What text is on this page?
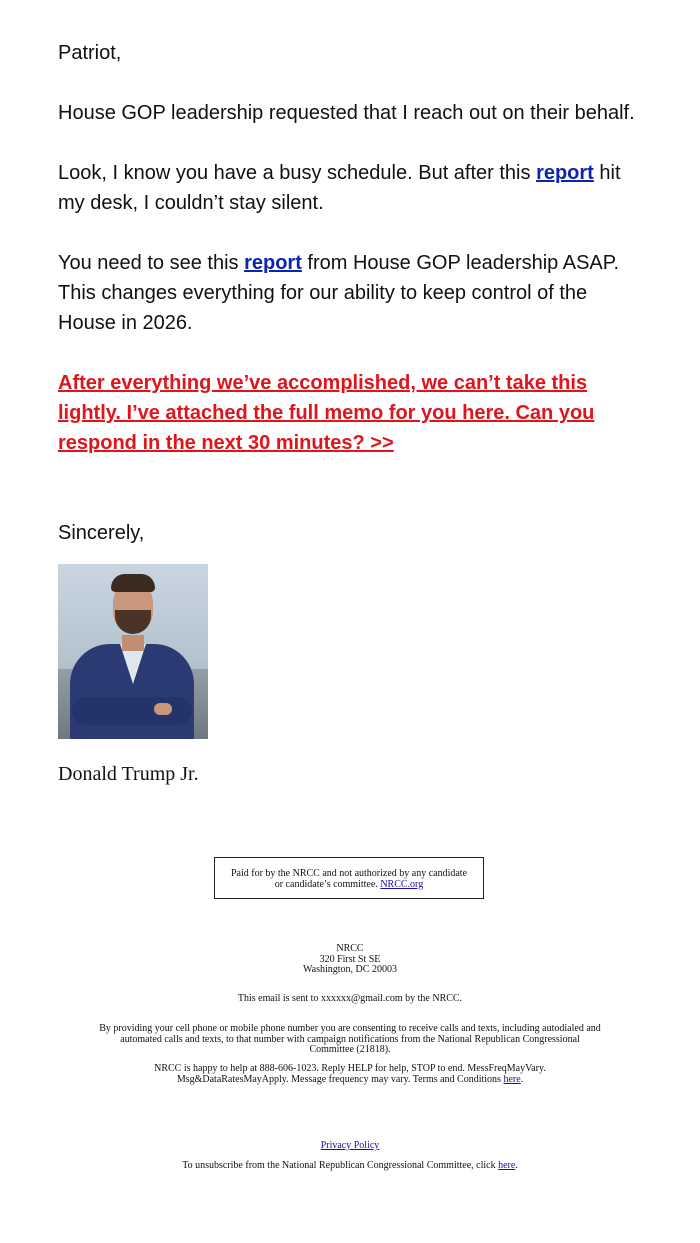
Patriot,

House GOP leadership requested that I reach out on their behalf.

Look, I know you have a busy schedule. But after this report hit my desk, I couldn’t stay silent.

You need to see this report from House GOP leadership ASAP. This changes everything for our ability to keep control of the House in 2026.

After everything we’ve accomplished, we can’t take this lightly. I’ve attached the full memo for you here. Can you respond in the next 30 minutes? >>

Sincerely,

Donald Trump Jr.

Paid for by the NRCC and not authorized by any candidate or candidate’s committee. NRCC.org
NRCC
320 First St SE
Washington, DC 20003
This email is sent to xxxxxx@gmail.com by the NRCC.
By providing your cell phone or mobile phone number you are consenting to receive calls and texts, including autodialed and automated calls and texts, to that number with campaign notifications from the National Republican Congressional Committee (21818).
NRCC is happy to help at 888-606-1023. Reply HELP for help, STOP to end. MessFreqMayVary. Msg&DataRatesMayApply. Message frequency may vary. Terms and Conditions here.
Privacy Policy
To unsubscribe from the National Republican Congressional Committee, click here.
